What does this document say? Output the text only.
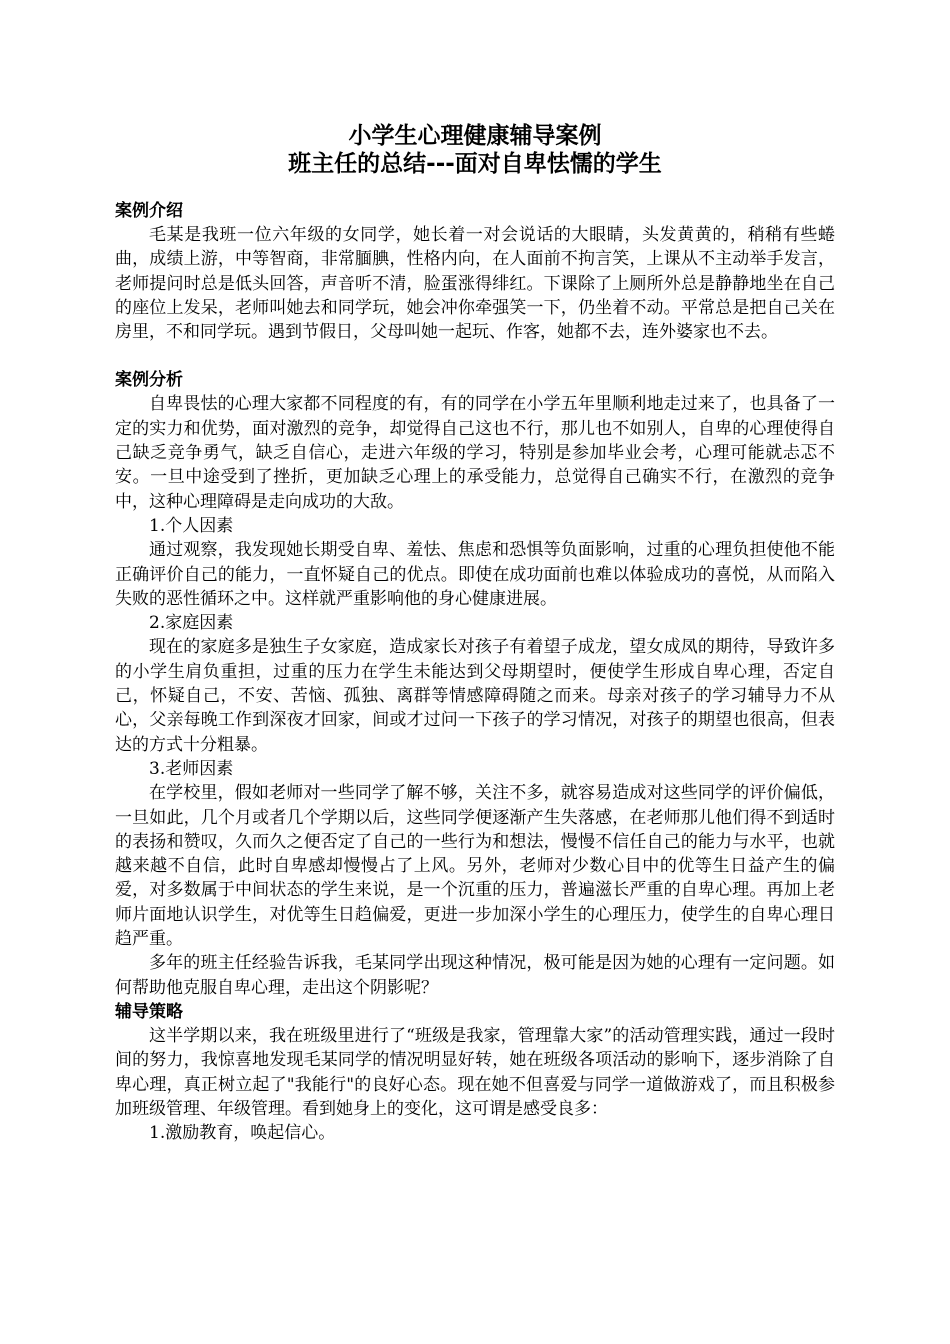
小学生心理健康辅导案例
班主任的总结---面对自卑怯懦的学生
案例介绍

毛某是我班一位六年级的女同学，她长着一对会说话的大眼睛，头发黄黄的，稍稍有些蜷曲，成绩上游，中等智商，非常腼腆，性格内向，在人面前不拘言笑，上课从不主动举手发言，老师提问时总是低头回答，声音听不清，脸蛋涨得绯红。下课除了上厕所外总是静静地坐在自己的座位上发呆，老师叫她去和同学玩，她会冲你牵强笑一下，仍坐着不动。平常总是把自己关在房里，不和同学玩。遇到节假日，父母叫她一起玩、作客，她都不去，连外婆家也不去。

案例分析

自卑畏怯的心理大家都不同程度的有，有的同学在小学五年里顺利地走过来了，也具备了一定的实力和优势，面对激烈的竞争，却觉得自己这也不行，那儿也不如别人，自卑的心理使得自己缺乏竞争勇气，缺乏自信心，走进六年级的学习，特别是参加毕业会考，心理可能就忐忑不安。一旦中途受到了挫折，更加缺乏心理上的承受能力，总觉得自己确实不行，在激烈的竞争中，这种心理障碍是走向成功的大敌。

1.个人因素

通过观察，我发现她长期受自卑、羞怯、焦虑和恐惧等负面影响，过重的心理负担使他不能正确评价自己的能力，一直怀疑自己的优点。即使在成功面前也难以体验成功的喜悦，从而陷入失败的恶性循环之中。这样就严重影响他的身心健康进展。

2.家庭因素

现在的家庭多是独生子女家庭，造成家长对孩子有着望子成龙，望女成凤的期待，导致许多的小学生肩负重担，过重的压力在学生未能达到父母期望时，便使学生形成自卑心理，否定自己，怀疑自己，不安、苦恼、孤独、离群等情感障碍随之而来。母亲对孩子的学习辅导力不从心，父亲每晚工作到深夜才回家，间或才过问一下孩子的学习情况，对孩子的期望也很高，但表达的方式十分粗暴。

3.老师因素

在学校里，假如老师对一些同学了解不够，关注不多，就容易造成对这些同学的评价偏低，一旦如此，几个月或者几个学期以后，这些同学便逐渐产生失落感，在老师那儿他们得不到适时的表扬和赞叹，久而久之便否定了自己的一些行为和想法，慢慢不信任自己的能力与水平，也就越来越不自信，此时自卑感却慢慢占了上风。另外，老师对少数心目中的优等生日益产生的偏爱，对多数属于中间状态的学生来说，是一个沉重的压力，普遍滋长严重的自卑心理。再加上老师片面地认识学生，对优等生日趋偏爱，更进一步加深小学生的心理压力，使学生的自卑心理日趋严重。

多年的班主任经验告诉我，毛某同学出现这种情况，极可能是因为她的心理有一定问题。如何帮助他克服自卑心理，走出这个阴影呢？

辅导策略

这半学期以来，我在班级里进行了“班级是我家，管理靠大家”的活动管理实践，通过一段时间的努力，我惊喜地发现毛某同学的情况明显好转，她在班级各项活动的影响下，逐步消除了自卑心理，真正树立起了"我能行"的良好心态。现在她不但喜爱与同学一道做游戏了，而且积极参加班级管理、年级管理。看到她身上的变化，这可谓是感受良多：

1.激励教育，唤起信心。
